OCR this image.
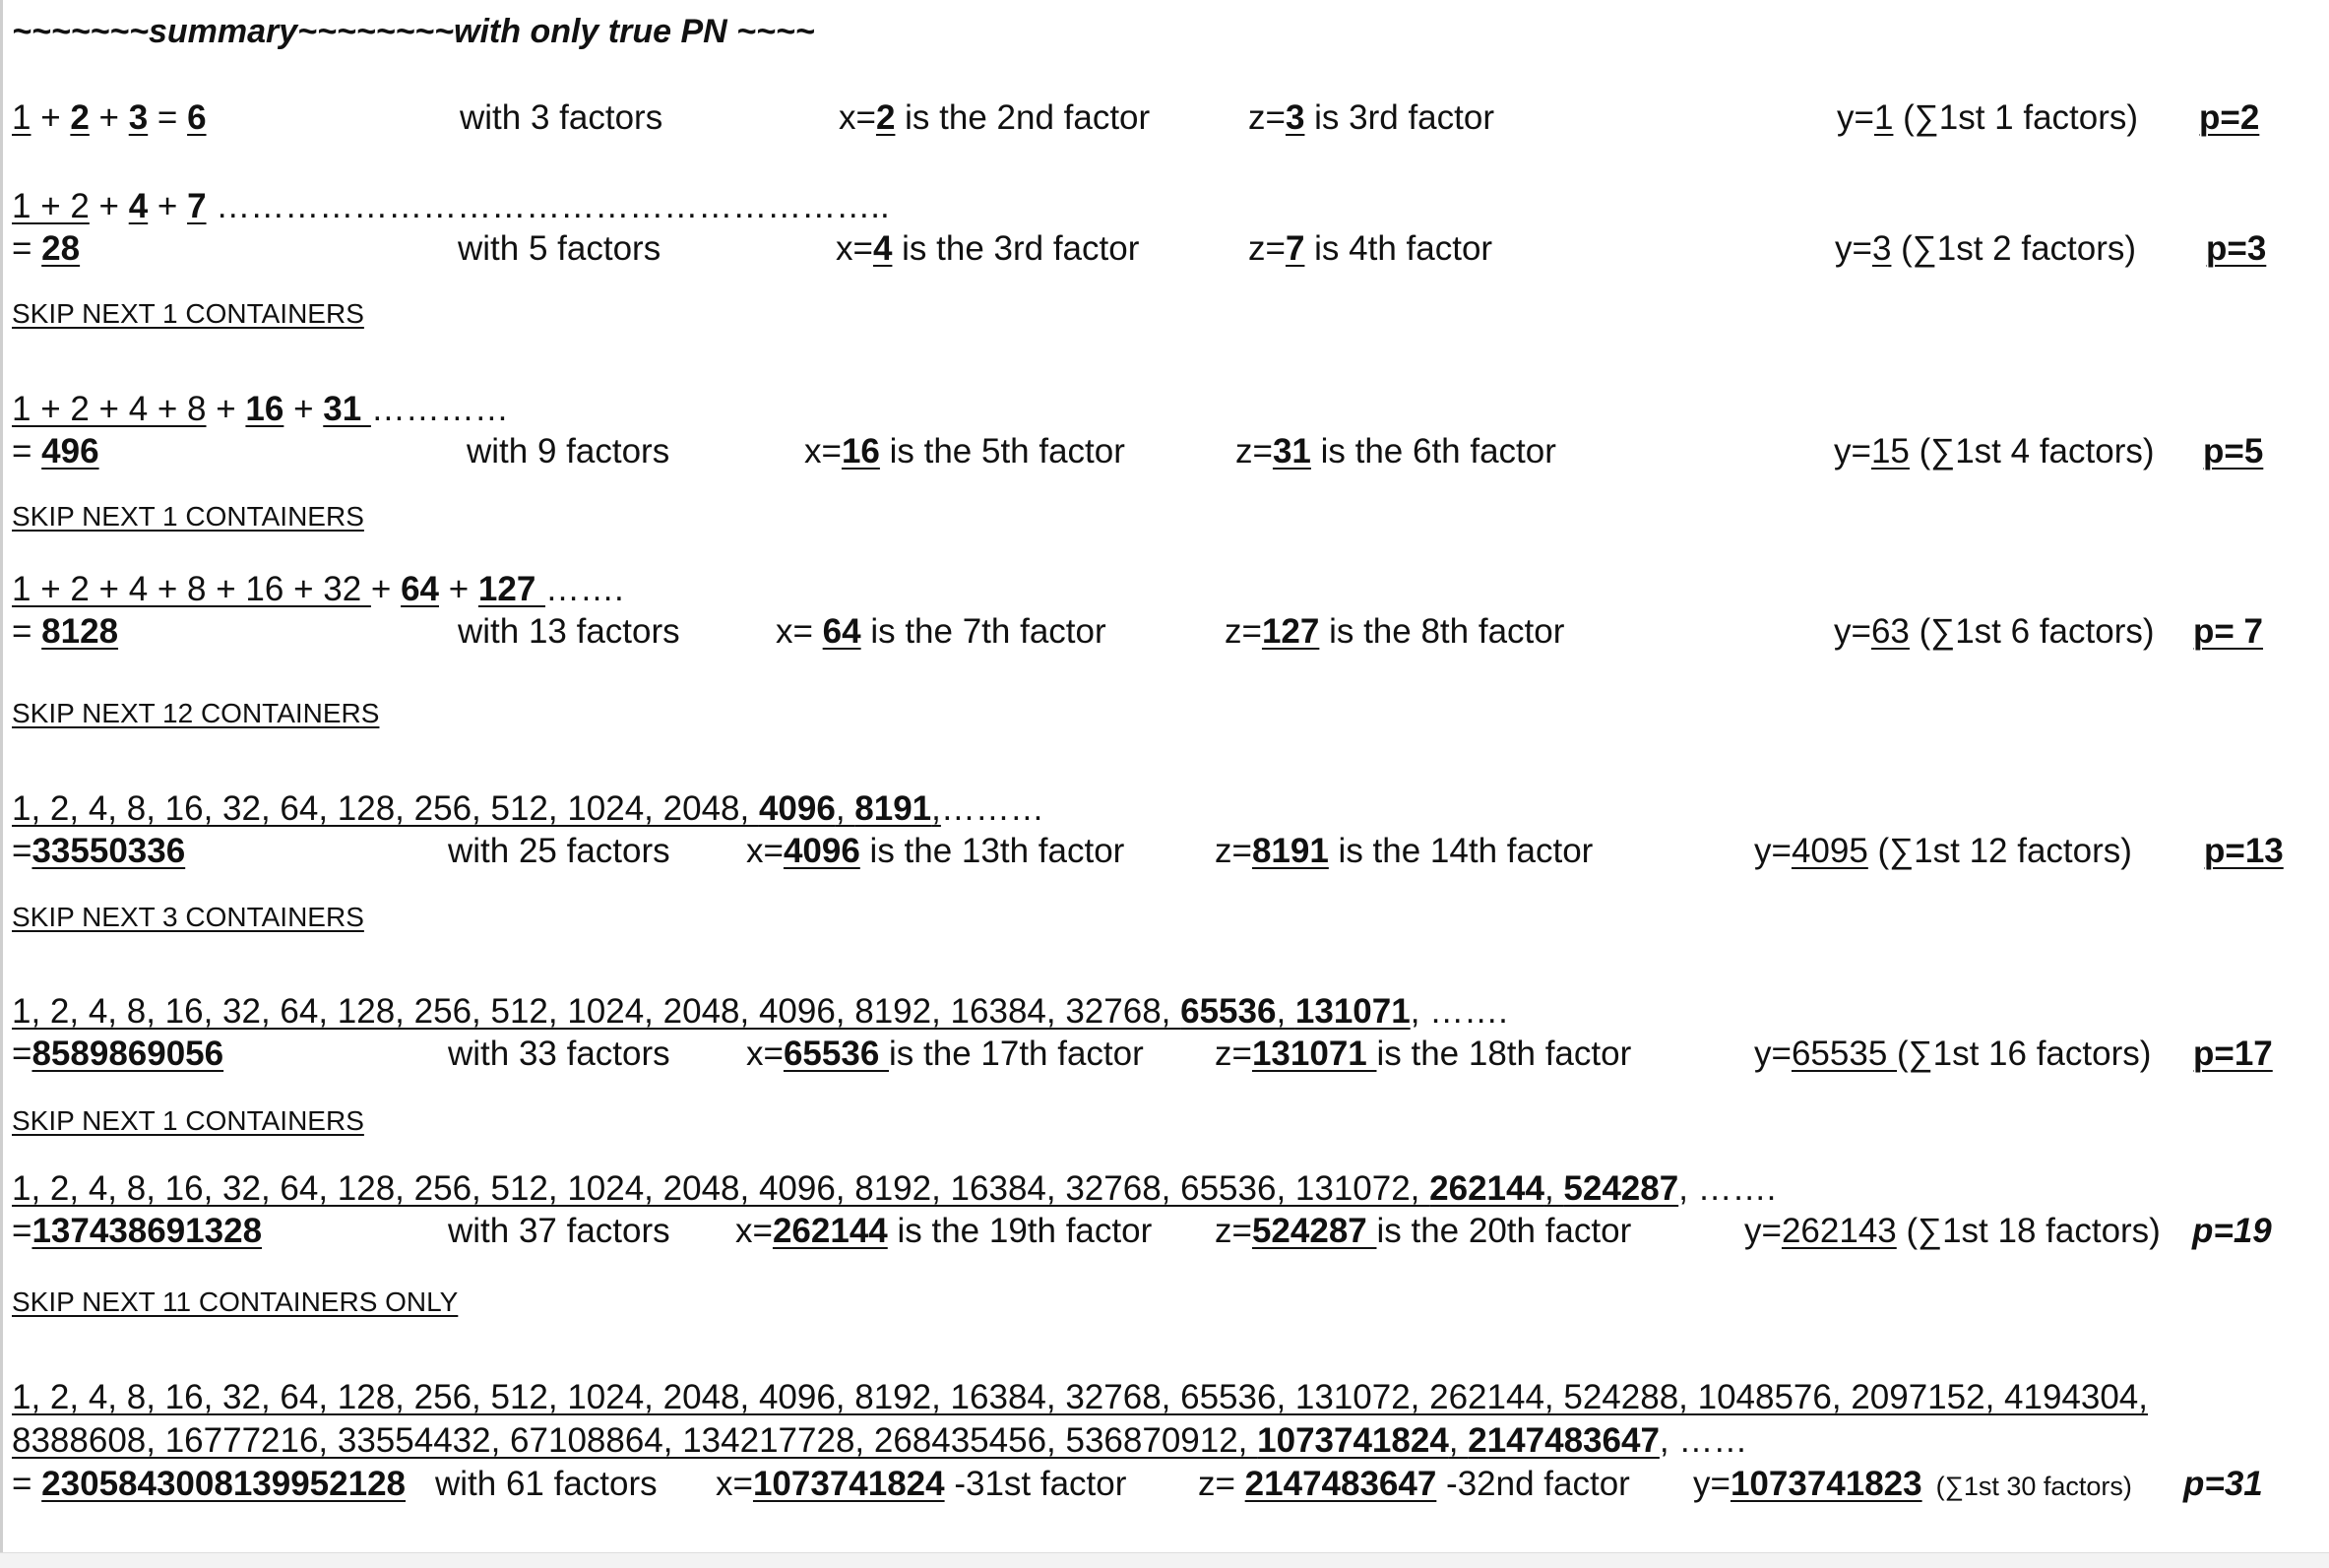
~~~~~~~summary~~~~~~~~with only true PN ~~~~
1 + 2 + 3 = 6	with 3 factors	x=2 is the 2nd factor	z=3 is 3rd factor	y=1 (∑1st 1 factors) p=2
1 + 2 + 4 + 7 …………………………………………………..
= 28	with 5 factors	x=4 is the 3rd factor	z=7 is 4th factor	y=3 (∑1st 2 factors) p=3
SKIP NEXT 1 CONTAINERS
1 + 2 + 4 + 8 + 16 + 31 …………
= 496	with 9 factors	x=16 is the 5th factor	z=31 is the 6th factor	y=15 (∑1st 4 factors) p=5
SKIP NEXT 1 CONTAINERS
1 + 2 + 4 + 8 + 16 + 32 + 64 + 127 …….
= 8128	with 13 factors	x= 64 is the 7th factor	z=127 is the 8th factor	y=63 (∑1st 6 factors) p= 7
SKIP NEXT 12 CONTAINERS
1, 2, 4, 8, 16, 32, 64, 128, 256, 512, 1024, 2048, 4096, 8191,………
=33550336	with 25 factors x=4096 is the 13th factor	z=8191 is the 14th factor	y=4095 (∑1st 12 factors) p=13
SKIP NEXT 3 CONTAINERS
1, 2, 4, 8, 16, 32, 64, 128, 256, 512, 1024, 2048, 4096, 8192, 16384, 32768, 65536, 131071, …….
=8589869056	with 33 factors x=65536 is the 17th factor z=131071 is the 18th factor	y=65535 (∑1st 16 factors) p=17
SKIP NEXT 1 CONTAINERS
1, 2, 4, 8, 16, 32, 64, 128, 256, 512, 1024, 2048, 4096, 8192, 16384, 32768, 65536, 131072, 262144, 524287, …….
=137438691328	with 37 factors x=262144 is the 19th factor z=524287 is the 20th factor	y=262143 (∑1st 18 factors) p=19
SKIP NEXT 11 CONTAINERS ONLY
1, 2, 4, 8, 16, 32, 64, 128, 256, 512, 1024, 2048, 4096, 8192, 16384, 32768, 65536, 131072, 262144, 524288, 1048576, 2097152, 4194304,
8388608, 16777216, 33554432, 67108864, 134217728, 268435456, 536870912, 1073741824, 2147483647, ……
= 2305843008139952128 with 61 factors x=1073741824 -31st factor z= 2147483647 -32nd factor y=1073741823 (∑1st 30 factors) p=31
